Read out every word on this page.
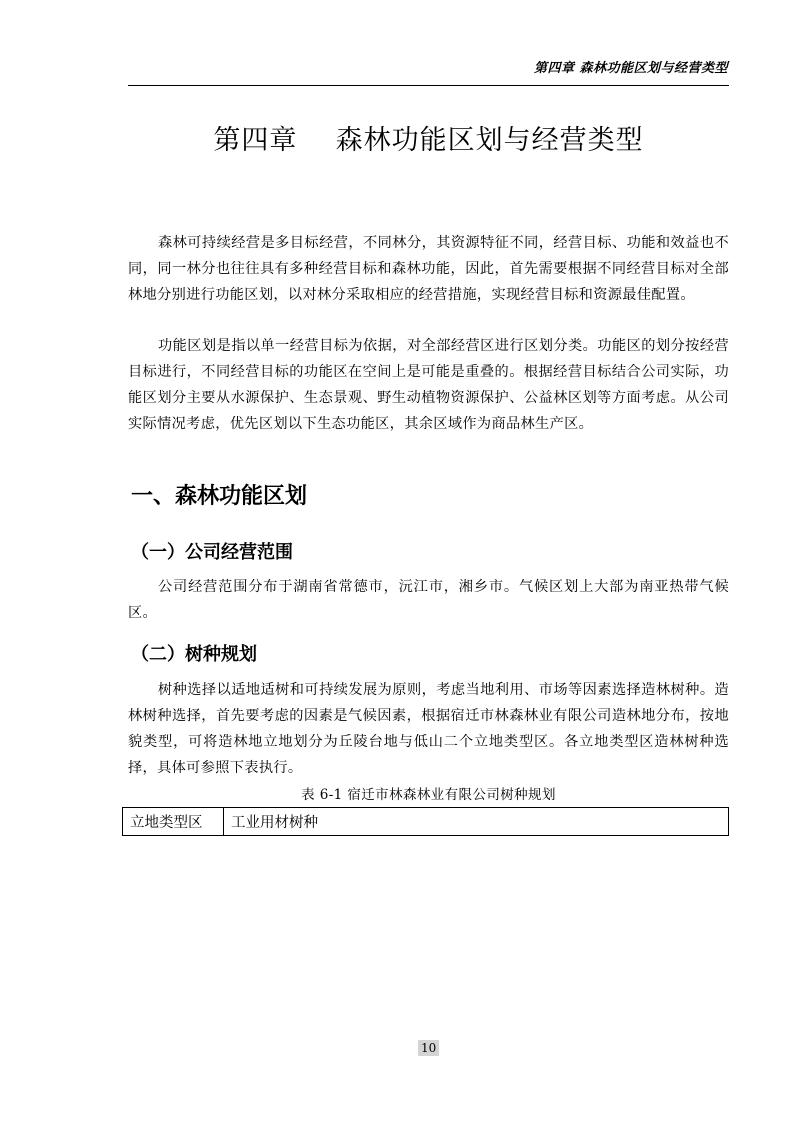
第四章 森林功能区划与经营类型
第四章    森林功能区划与经营类型

森林可持续经营是多目标经营，不同林分，其资源特征不同，经营目标、功能和效益也不同，同一林分也往往具有多种经营目标和森林功能，因此，首先需要根据不同经营目标对全部林地分别进行功能区划，以对林分采取相应的经营措施，实现经营目标和资源最佳配置。

功能区划是指以单一经营目标为依据，对全部经营区进行区划分类。功能区的划分按经营目标进行，不同经营目标的功能区在空间上是可能是重叠的。根据经营目标结合公司实际，功能区划分主要从水源保护、生态景观、野生动植物资源保护、公益林区划等方面考虑。从公司实际情况考虑，优先区划以下生态功能区，其余区域作为商品林生产区。

一、森林功能区划
（一）公司经营范围

公司经营范围分布于湖南省常德市，沅江市，湘乡市。气候区划上大部为南亚热带气候区。

（二）树种规划

树种选择以适地适树和可持续发展为原则，考虑当地利用、市场等因素选择造林树种。造林树种选择，首先要考虑的因素是气候因素，根据宿迁市林森林业有限公司造林地分布，按地貌类型，可将造林地立地划分为丘陵台地与低山二个立地类型区。各立地类型区造林树种选择，具体可参照下表执行。

表 6-1 宿迁市林森林业有限公司树种规划
立地类型区	工业用材树种
10
